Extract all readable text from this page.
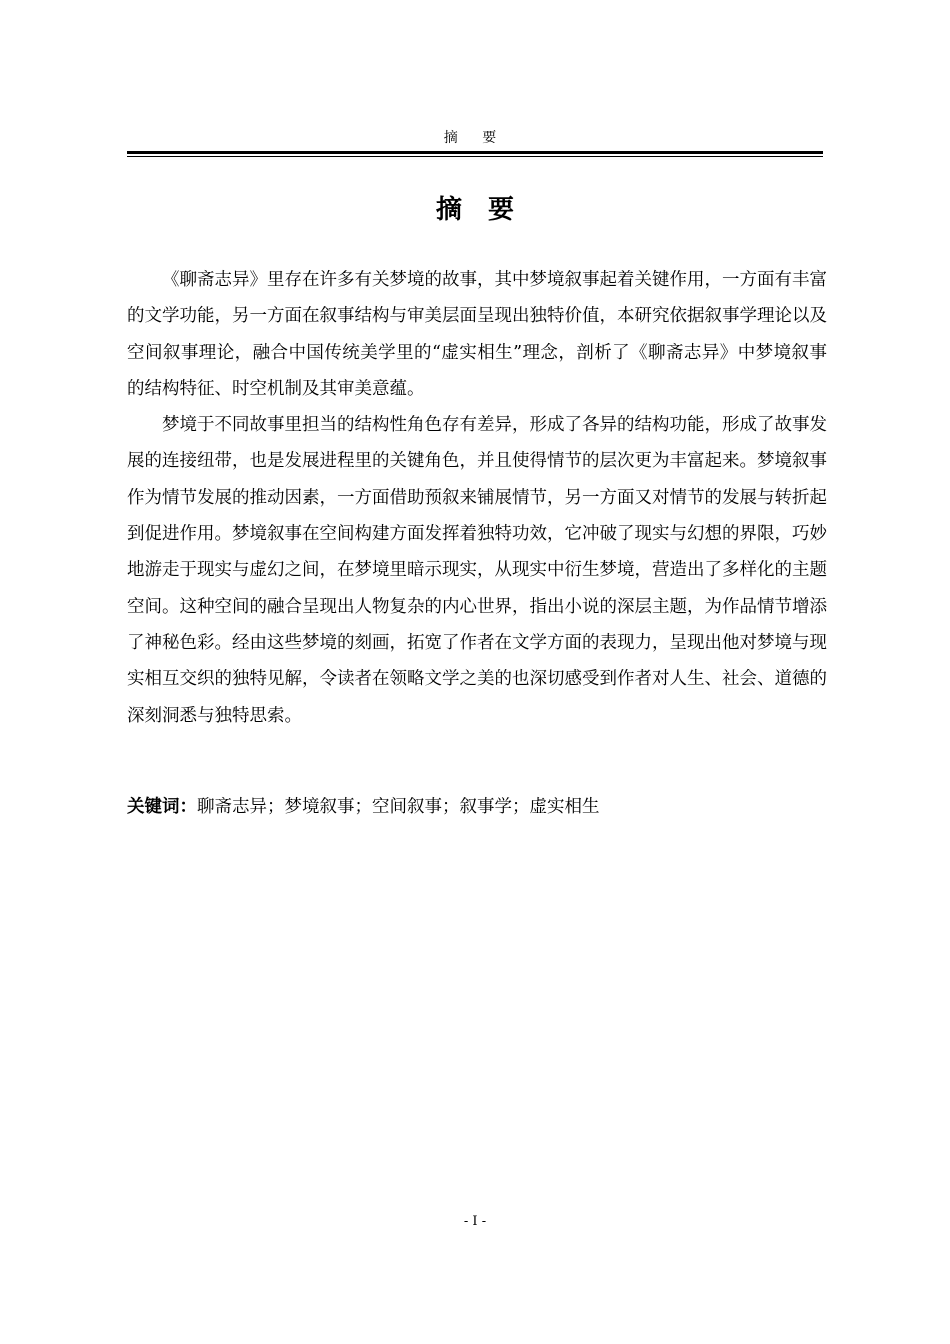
摘 要
摘要

《聊斋志异》里存在许多有关梦境的故事，其中梦境叙事起着关键作用，一方面有丰富的文学功能，另一方面在叙事结构与审美层面呈现出独特价值，本研究依据叙事学理论以及空间叙事理论，融合中国传统美学里的“虚实相生”理念，剖析了《聊斋志异》中梦境叙事的结构特征、时空机制及其审美意蕴。

梦境于不同故事里担当的结构性角色存有差异，形成了各异的结构功能，形成了故事发展的连接纽带，也是发展进程里的关键角色，并且使得情节的层次更为丰富起来。梦境叙事作为情节发展的推动因素，一方面借助预叙来铺展情节，另一方面又对情节的发展与转折起到促进作用。梦境叙事在空间构建方面发挥着独特功效，它冲破了现实与幻想的界限，巧妙地游走于现实与虚幻之间，在梦境里暗示现实，从现实中衍生梦境，营造出了多样化的主题空间。这种空间的融合呈现出人物复杂的内心世界，指出小说的深层主题，为作品情节增添了神秘色彩。经由这些梦境的刻画，拓宽了作者在文学方面的表现力，呈现出他对梦境与现实相互交织的独特见解，令读者在领略文学之美的也深切感受到作者对人生、社会、道德的深刻洞悉与独特思索。

关键词：聊斋志异；梦境叙事；空间叙事；叙事学；虚实相生
- I -
